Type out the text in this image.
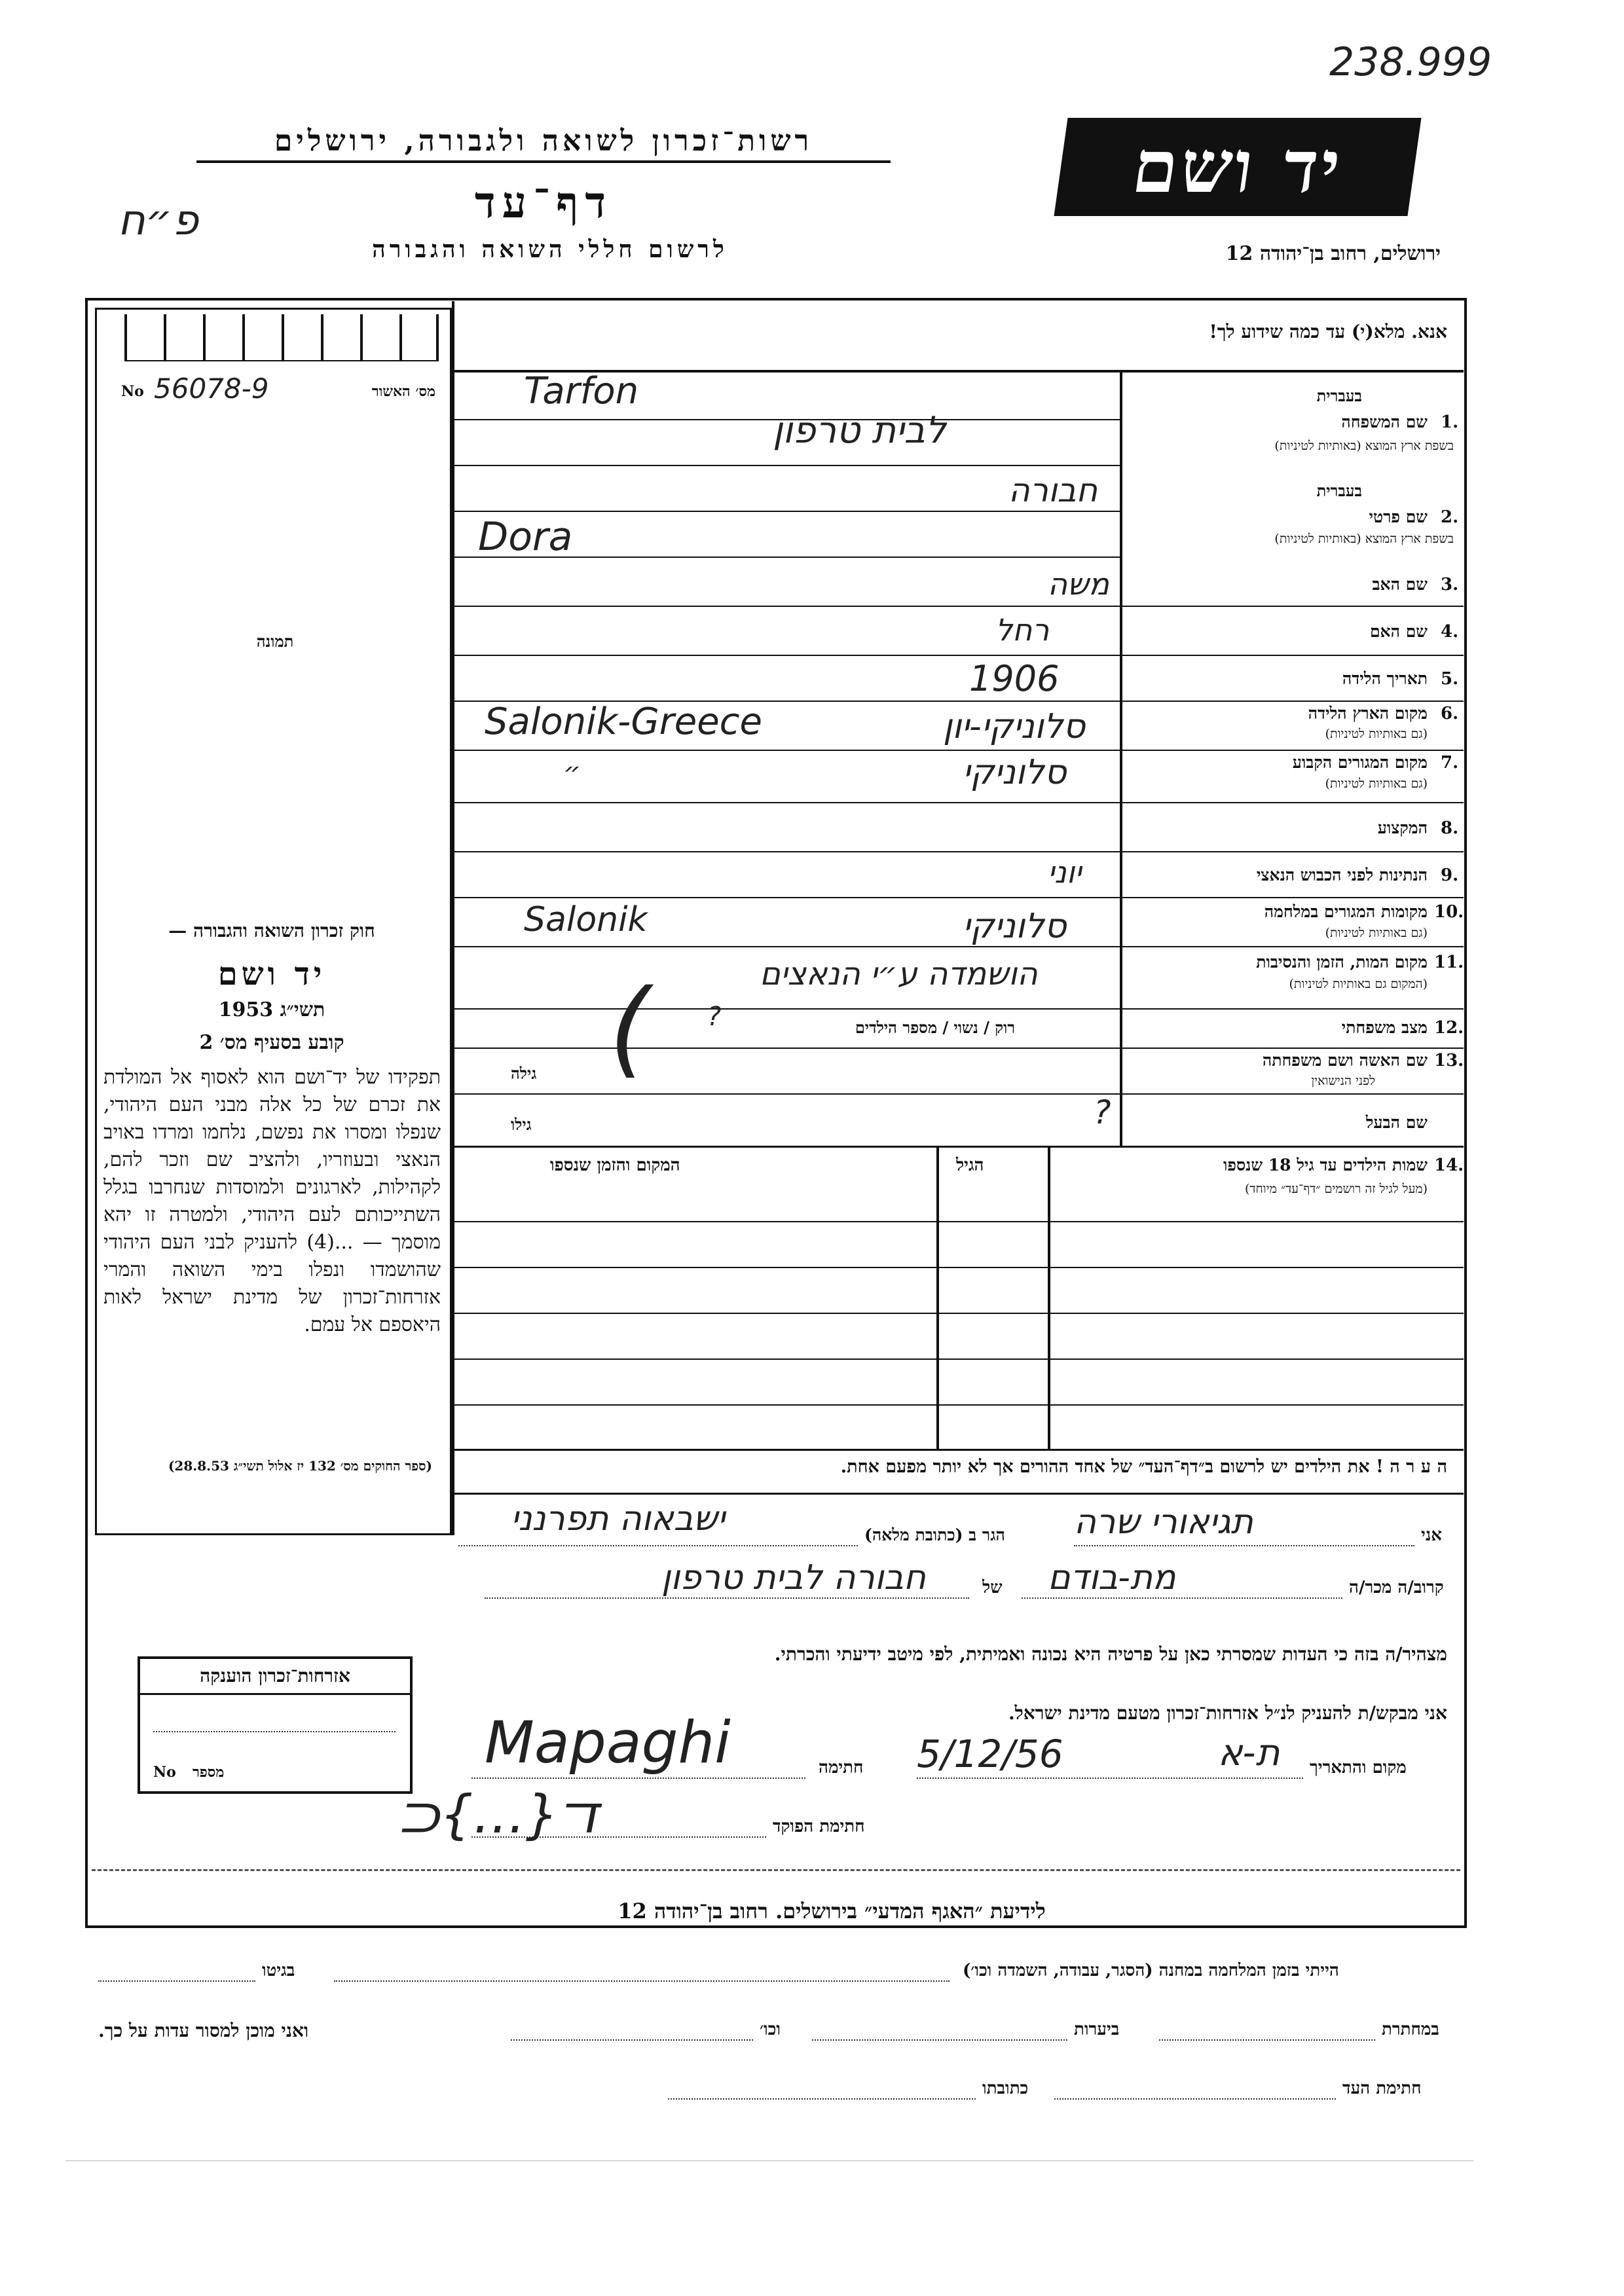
238.999
רשות־זכרון לשואה ולגבורה, ירושלים
דף־עד
לרשום חללי השואה והגבורה
פ״ח
יד ושם
ירושלים, רחוב בן־יהודה 12
No 56078-9	מס׳ האשור
תמונה
אנא. מלא(י) עד כמה שידוע לך!
בעברית
1.
שם המשפחה
בשפת ארץ המוצא (באותיות לטיניות)
לבית טרפון
Tarfon
בעברית
2.
שם פרטי
בשפת ארץ המוצא (באותיות לטיניות)
חבורה
Dora
3.
שם האב
משה
4.
שם האם
רחל
5.
תאריך הלידה
1906
6.
מקום הארץ הלידה
(גם באותיות לטיניות)
סלוניקי-יון
Salonik-Greece
7.
מקום המגורים הקבוע
(גם באותיות לטיניות)
סלוניקי
״
8.
המקצוע
9.
הנתינות לפני הכבוש הנאצי
יוני
10.
מקומות המגורים במלחמה
(גם באותיות לטיניות)
סלוניקי
Salonik
11.
מקום המות, הזמן והנסיבות
(המקום גם באותיות לטיניות)
הושמדה ע״י הנאצים
12.
מצב משפחתי
רוק / נשוי / מספר הילדים
?
13.
שם האשה ושם משפחתה
לפני הנישואין
גילה (
שם הבעל
?
גילו
14.
שמות הילדים עד גיל 18 שנספו
(מעל לגיל זה רושמים ״דף־עד״ מיוחד)
הגיל
המקום והזמן שנספו
ה ע ר ה ! את הילדים יש לרשום ב״דף־העד״ של אחד ההורים אך לא יותר מפעם אחת.
חוק זכרון השואה והגבורה —
יד ושם
תשי״ג 1953
קובע בסעיף מס׳ 2
תפקידו של יד־ושם הוא לאסוף אל המולדת את זכרם של כל אלה מבני העם היהודי, שנפלו ומסרו את נפשם, נלחמו ומרדו באויב הנאצי ובעוזריו, ולהציב שם וזכר להם, לקהילות, לארגונים ולמוסדות שנחרבו בגלל השתייכותם לעם היהודי, ולמטרה זו יהא מוסמך — ...(4) להעניק לבני העם היהודי שהושמדו ונפלו בימי השואה והמרי אזרחות־זכרון של מדינת ישראל לאות היאספם אל עמם.
(ספר החוקים מס׳ 132 יז אלול תשי״ג 28.8.53)
אני
תגיאורי שרה
הגר ב (כתובת מלאה)
ישבאוה תפרנני
קרוב/ה מכר/ה
מת-בודם
של
חבורה לבית טרפון
מצהיר/ה בזה כי העדות שמסרתי כאן על פרטיה היא נכונה ואמיתית, לפי מיטב ידיעתי והכרתי.
אני מבקש/ת להעניק לנ״ל אזרחות־זכרון מטעם מדינת ישראל.
מקום והתאריך
ת-א
5/12/56
חתימה
Mapaghi
חתימת הפוקד
ﬢ{…}ﬤ
אזרחות־זכרון הוענקה
No מספר
לידיעת ״האגף המדעי״ בירושלים. רחוב בן־יהודה 12
הייתי בזמן המלחמה במחנה (הסגר, עבודה, השמדה וכו׳)
בגיטו
במחתרת
ביערות
וכו׳
ואני מוכן למסור עדות על כך.
חתימת העד
כתובתו
